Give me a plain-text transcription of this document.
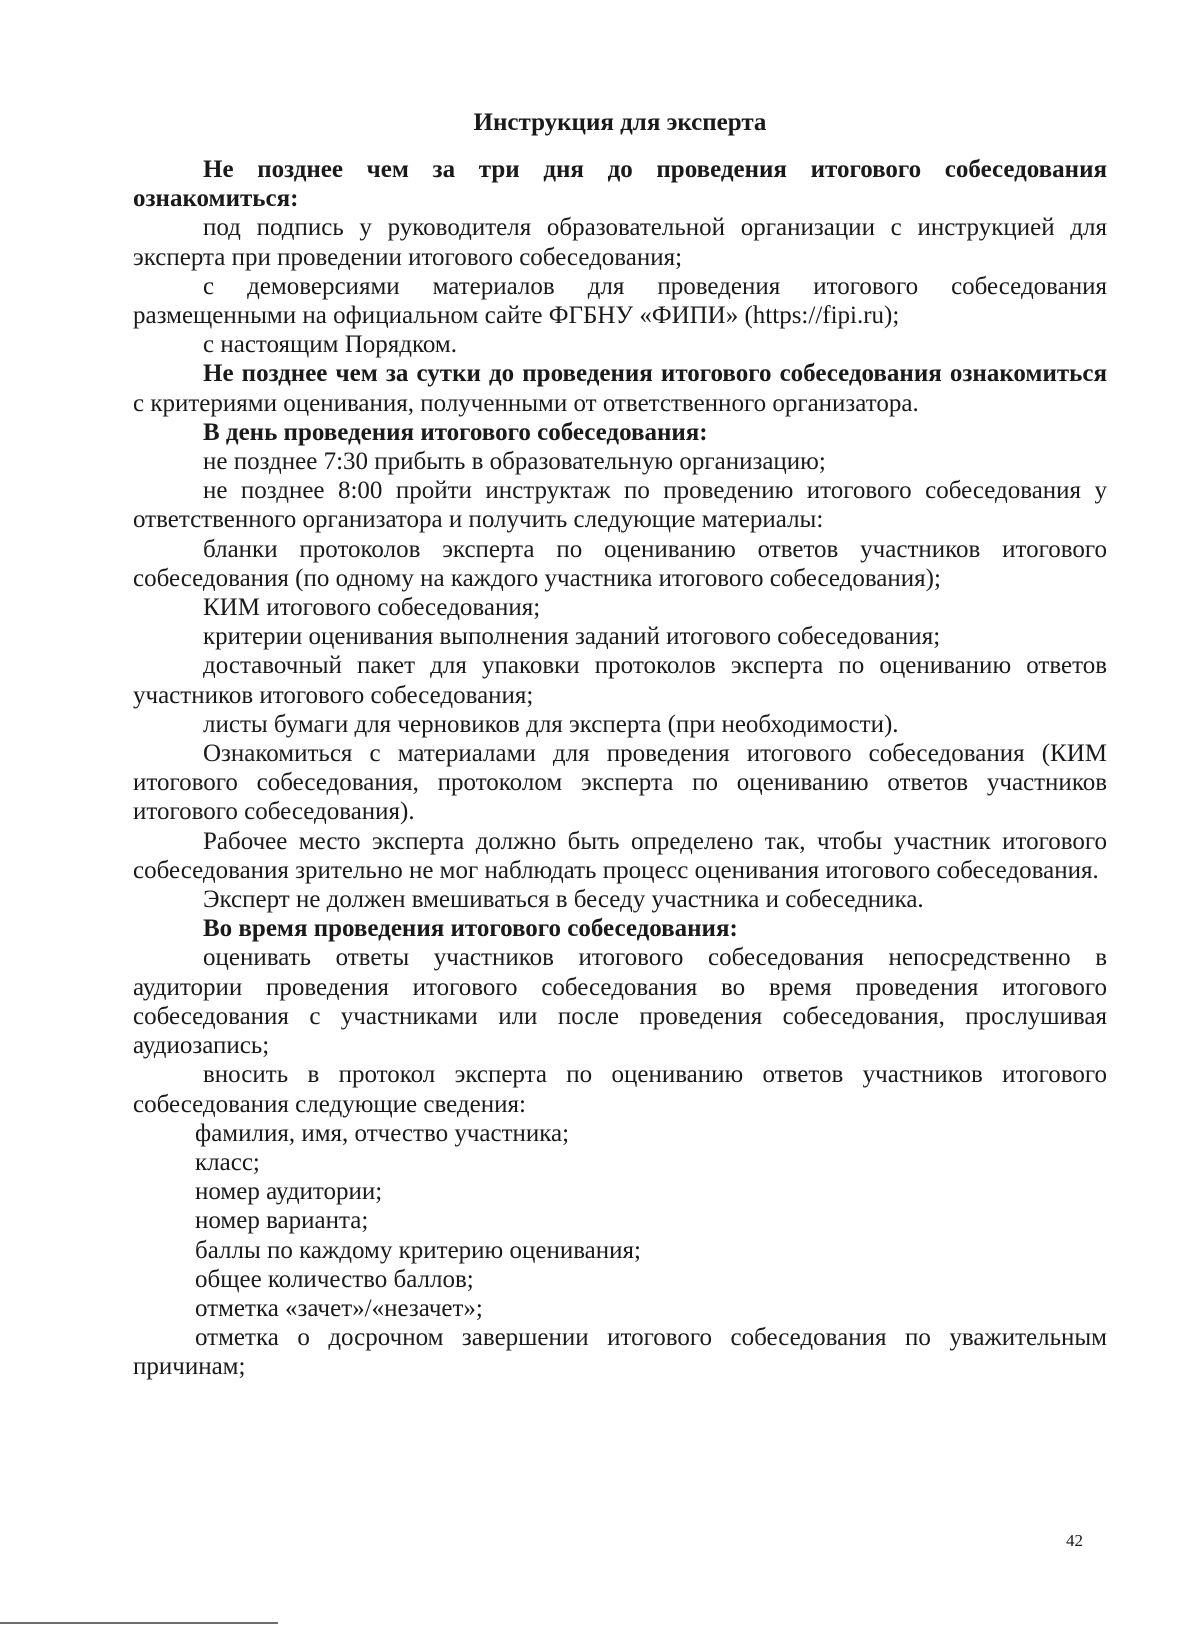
Инструкция для эксперта

Не позднее чем за три дня до проведения итогового собеседования ознакомиться:

под подпись у руководителя образовательной организации с инструкцией для эксперта при проведении итогового собеседования;

с демоверсиями материалов для проведения итогового собеседования размещенными на официальном сайте ФГБНУ «ФИПИ» (https://fipi.ru);

с настоящим Порядком.

Не позднее чем за сутки до проведения итогового собеседования ознакомиться с критериями оценивания, полученными от ответственного организатора.

В день проведения итогового собеседования:

не позднее 7:30 прибыть в образовательную организацию;

не позднее 8:00 пройти инструктаж по проведению итогового собеседования у ответственного организатора и получить следующие материалы:

бланки протоколов эксперта по оцениванию ответов участников итогового собеседования (по одному на каждого участника итогового собеседования);

КИМ итогового собеседования;

критерии оценивания выполнения заданий итогового собеседования;

доставочный пакет для упаковки протоколов эксперта по оцениванию ответов участников итогового собеседования;

листы бумаги для черновиков для эксперта (при необходимости).

Ознакомиться с материалами для проведения итогового собеседования (КИМ итогового собеседования, протоколом эксперта по оцениванию ответов участников итогового собеседования).

Рабочее место эксперта должно быть определено так, чтобы участник итогового собеседования зрительно не мог наблюдать процесс оценивания итогового собеседования.

Эксперт не должен вмешиваться в беседу участника и собеседника.

Во время проведения итогового собеседования:

оценивать ответы участников итогового собеседования непосредственно в аудитории проведения итогового собеседования во время проведения итогового собеседования с участниками или после проведения собеседования, прослушивая аудиозапись;

вносить в протокол эксперта по оцениванию ответов участников итогового собеседования следующие сведения:

фамилия, имя, отчество участника;

класс;

номер аудитории;

номер варианта;

баллы по каждому критерию оценивания;

общее количество баллов;

отметка «зачет»/«незачет»;

отметка о досрочном завершении итогового собеседования по уважительным причинам;

42
